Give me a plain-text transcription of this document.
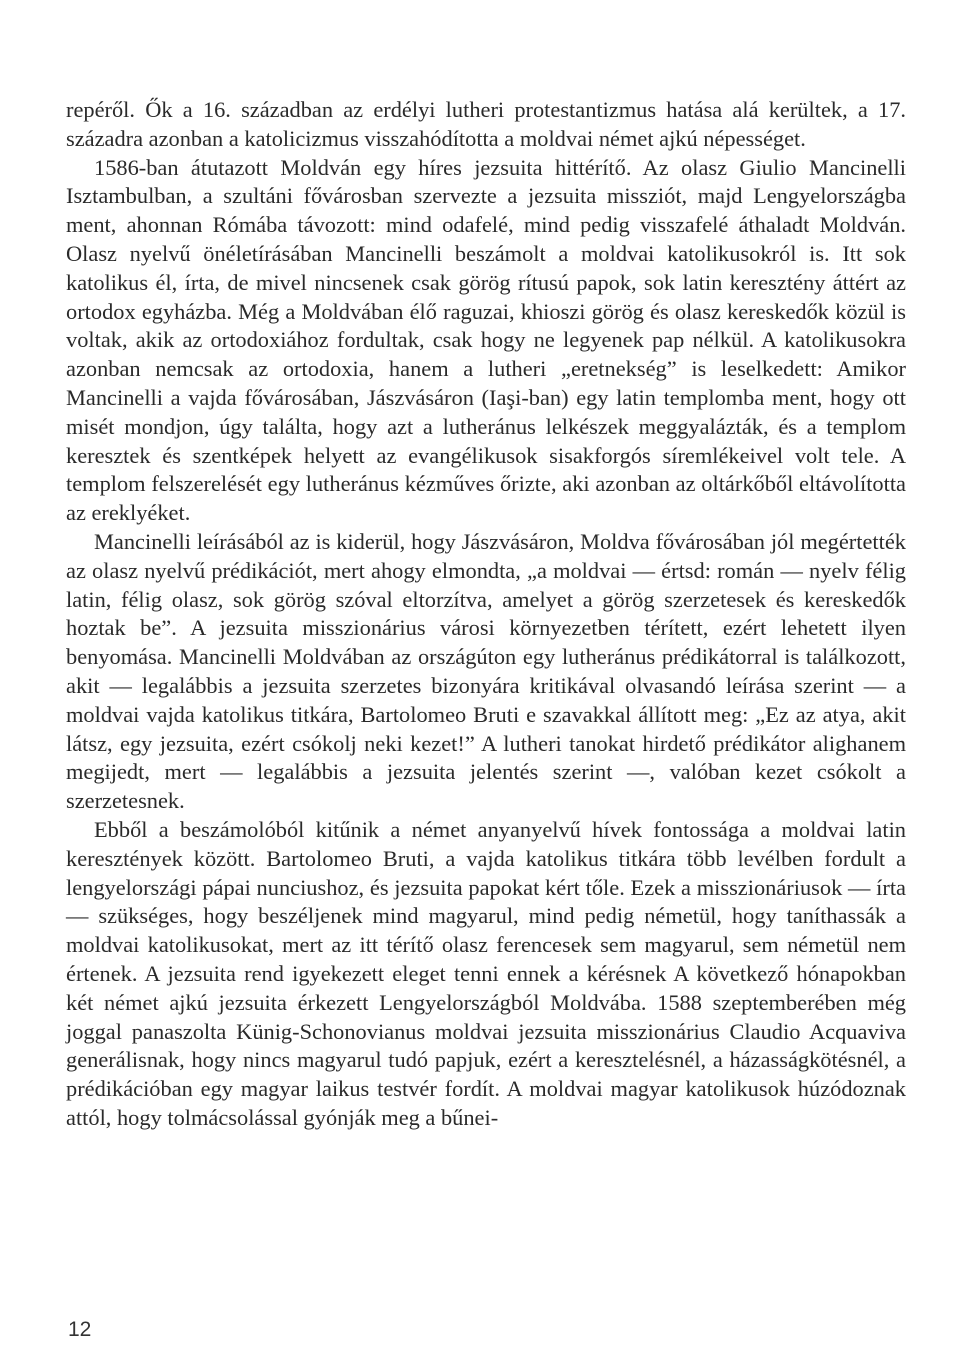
repéről. Ők a 16. században az erdélyi lutheri protestantizmus hatása alá kerültek, a 17. századra azonban a katolicizmus visszahódította a moldvai német ajkú népességet.

1586-ban átutazott Moldván egy híres jezsuita hittérítő. Az olasz Giulio Mancinelli Isztambulban, a szultáni fővárosban szervezte a jezsuita missziót, majd Lengyelországba ment, ahonnan Rómába távozott: mind odafelé, mind pedig visszafelé áthaladt Moldván. Olasz nyelvű önéletírásában Mancinelli beszámolt a moldvai katolikusokról is. Itt sok katolikus él, írta, de mivel nincsenek csak görög rítusú papok, sok latin keresztény áttért az ortodox egyházba. Még a Moldvában élő raguzai, khioszi görög és olasz kereskedők közül is voltak, akik az ortodoxiához fordultak, csak hogy ne legyenek pap nélkül. A katolikusokra azonban nemcsak az ortodoxia, hanem a lutheri „eretnekség” is leselkedett: Amikor Mancinelli a vajda fővárosában, Jászvásáron (Iaşi-ban) egy latin templomba ment, hogy ott misét mondjon, úgy találta, hogy azt a lutheránus lelkészek meggyalázták, és a templom keresztek és szentképek helyett az evangélikusok sisakforgós síremlékeivel volt tele. A templom felszerelését egy lutheránus kézműves őrizte, aki azonban az oltárkőből eltávolította az ereklyéket.

Mancinelli leírásából az is kiderül, hogy Jászvásáron, Moldva fővárosában jól megértették az olasz nyelvű prédikációt, mert ahogy elmondta, „a moldvai — értsd: román — nyelv félig latin, félig olasz, sok görög szóval eltorzítva, amelyet a görög szerzetesek és kereskedők hoztak be”. A jezsuita misszionárius városi környezetben térített, ezért lehetett ilyen benyomása. Mancinelli Moldvában az országúton egy lutheránus prédikátorral is találkozott, akit — legalábbis a jezsuita szerzetes bizonyára kritikával olvasandó leírása szerint — a moldvai vajda katolikus titkára, Bartolomeo Bruti e szavakkal állított meg: „Ez az atya, akit látsz, egy jezsuita, ezért csókolj neki kezet!” A lutheri tanokat hirdető prédikátor alighanem megijedt, mert — legalábbis a jezsuita jelentés szerint —, valóban kezet csókolt a szerzetesnek.

Ebből a beszámolóból kitűnik a német anyanyelvű hívek fontossága a moldvai latin keresztények között. Bartolomeo Bruti, a vajda katolikus titkára több levélben fordult a lengyelországi pápai nunciushoz, és jezsuita papokat kért tőle. Ezek a misszionáriusok — írta — szükséges, hogy beszéljenek mind magyarul, mind pedig németül, hogy taníthassák a moldvai katolikusokat, mert az itt térítő olasz ferencesek sem magyarul, sem németül nem értenek. A jezsuita rend igyekezett eleget tenni ennek a kérésnek A következő hónapokban két német ajkú jezsuita érkezett Lengyelországból Moldvába. 1588 szeptemberében még joggal panaszolta Künig-Schonovianus moldvai jezsuita misszionárius Claudio Acquaviva generálisnak, hogy nincs magyarul tudó papjuk, ezért a keresztelésnél, a házasságkötésnél, a prédikációban egy magyar laikus testvér fordít. A moldvai magyar katolikusok húzódoznak attól, hogy tolmácsolással gyónják meg a bűnei-

12
